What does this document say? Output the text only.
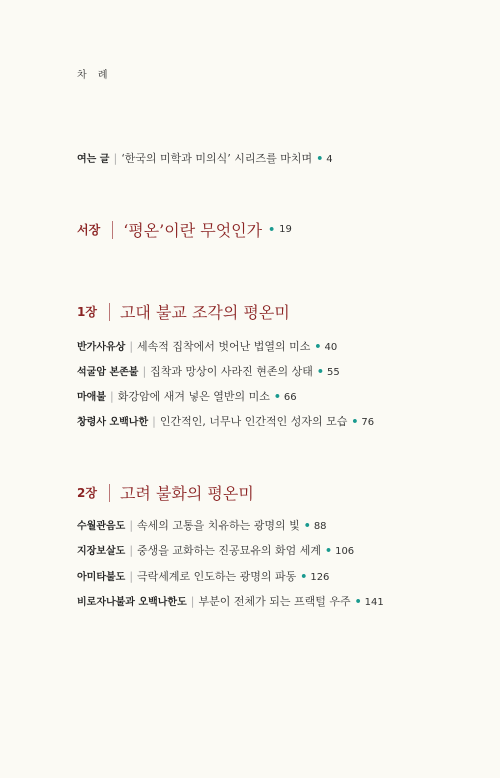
차 례
여는 글 | ‘한국의 미학과 미의식’ 시리즈를 마치며 • 4
서장 ‘평온’이란 무엇인가 • 19
1장 고대 불교 조각의 평온미
반가사유상 | 세속적 집착에서 벗어난 법열의 미소 • 40
석굴암 본존불 | 집착과 망상이 사라진 현존의 상태 • 55
마애불 | 화강암에 새겨 넣은 열반의 미소 • 66
창령사 오백나한 | 인간적인, 너무나 인간적인 성자의 모습 • 76
2장 고려 불화의 평온미
수월관음도 | 속세의 고통을 치유하는 광명의 빛 • 88
지장보살도 | 중생을 교화하는 진공묘유의 화엄 세계 • 106
아미타불도 | 극락세계로 인도하는 광명의 파동 • 126
비로자나불과 오백나한도 | 부분이 전체가 되는 프랙털 우주 • 141
